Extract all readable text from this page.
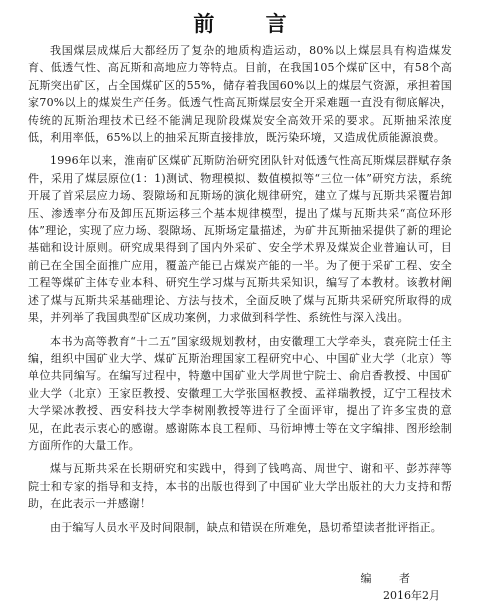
前 言

我国煤层成煤后大都经历了复杂的地质构造运动，80%以上煤层具有构造煤发育、低透气性、高瓦斯和高地应力等特点。目前，在我国105个煤矿区中，有58个高瓦斯突出矿区，占全国煤矿区的55%，储存着我国60%以上的煤层气资源，承担着国家70%以上的煤炭生产任务。低透气性高瓦斯煤层安全开采难题一直没有彻底解决，传统的瓦斯治理技术已经不能满足现阶段煤炭安全高效开采的要求。瓦斯抽采浓度低，利用率低，65%以上的抽采瓦斯直接排放，既污染环境，又造成优质能源浪费。

1996年以来，淮南矿区煤矿瓦斯防治研究团队针对低透气性高瓦斯煤层群赋存条件，采用了煤层原位(1：1)测试、物理模拟、数值模拟等“三位一体”研究方法，系统开展了首采层应力场、裂隙场和瓦斯场的演化规律研究，建立了煤与瓦斯共采覆岩卸压、渗透率分布及卸压瓦斯运移三个基本规律模型，提出了煤与瓦斯共采“高位环形体”理论，实现了应力场、裂隙场、瓦斯场定量描述，为矿井瓦斯抽采提供了新的理论基础和设计原则。研究成果得到了国内外采矿、安全学术界及煤炭企业普遍认可，目前已在全国全面推广应用，覆盖产能已占煤炭产能的一半。为了便于采矿工程、安全工程等煤矿主体专业本科、研究生学习煤与瓦斯共采知识，编写了本教材。该教材阐述了煤与瓦斯共采基础理论、方法与技术，全面反映了煤与瓦斯共采研究所取得的成果，并列举了我国典型矿区成功案例，力求做到科学性、系统性与深入浅出。

本书为高等教育“十二五”国家级规划教材，由安徽理工大学牵头，袁亮院士任主编，组织中国矿业大学、煤矿瓦斯治理国家工程研究中心、中国矿业大学（北京）等单位共同编写。在编写过程中，特邀中国矿业大学周世宁院士、俞启香教授、中国矿业大学（北京）王家臣教授、安徽理工大学张国枢教授、孟祥瑞教授，辽宁工程技术大学梁冰教授、西安科技大学李树刚教授等进行了全面评审，提出了许多宝贵的意见，在此表示衷心的感谢。感谢陈本良工程师、马衍坤博士等在文字编排、图形绘制方面所作的大量工作。

煤与瓦斯共采在长期研究和实践中，得到了钱鸣高、周世宁、谢和平、彭苏萍等院士和专家的指导和支持，本书的出版也得到了中国矿业大学出版社的大力支持和帮助，在此表示一并感谢！

由于编写人员水平及时间限制，缺点和错误在所难免，恳切希望读者批评指正。

编 者
2016年2月
